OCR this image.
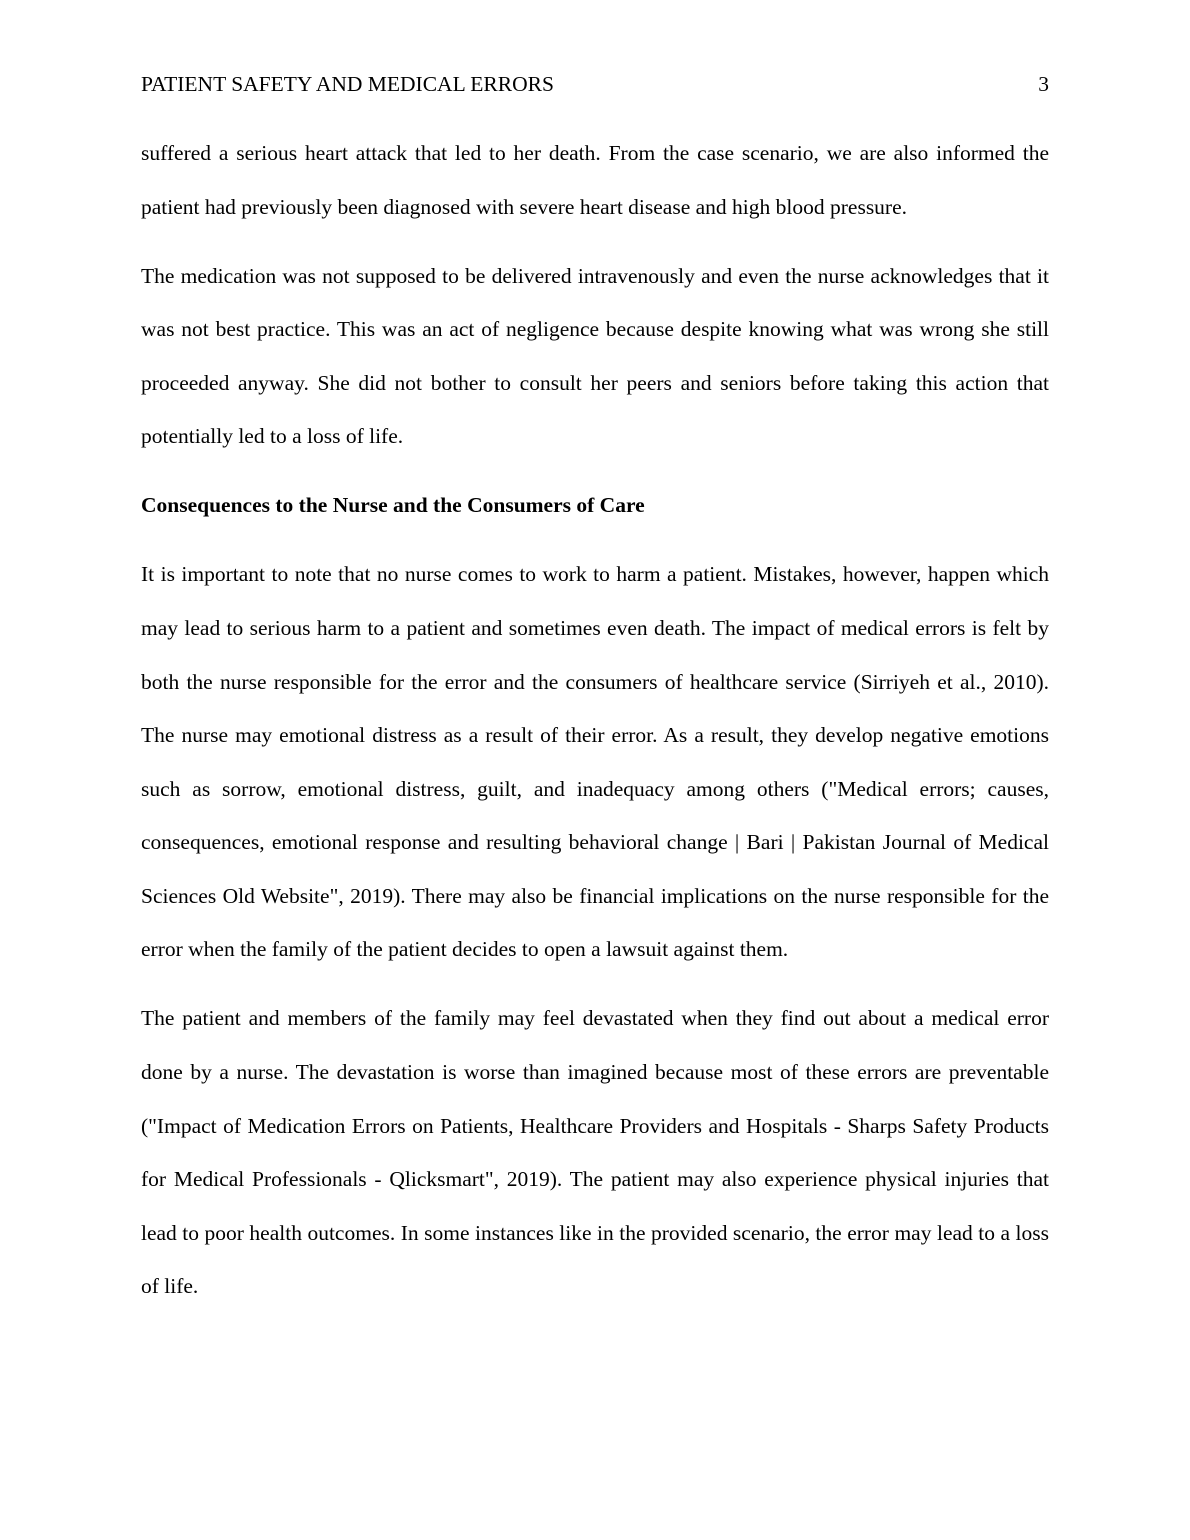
PATIENT SAFETY AND MEDICAL ERRORS	3

suffered a serious heart attack that led to her death. From the case scenario, we are also informed the patient had previously been diagnosed with severe heart disease and high blood pressure.

The medication was not supposed to be delivered intravenously and even the nurse acknowledges that it was not best practice. This was an act of negligence because despite knowing what was wrong she still proceeded anyway. She did not bother to consult her peers and seniors before taking this action that potentially led to a loss of life.

Consequences to the Nurse and the Consumers of Care

It is important to note that no nurse comes to work to harm a patient. Mistakes, however, happen which may lead to serious harm to a patient and sometimes even death. The impact of medical errors is felt by both the nurse responsible for the error and the consumers of healthcare service (Sirriyeh et al., 2010). The nurse may emotional distress as a result of their error. As a result, they develop negative emotions such as sorrow, emotional distress, guilt, and inadequacy among others ("Medical errors; causes, consequences, emotional response and resulting behavioral change | Bari | Pakistan Journal of Medical Sciences Old Website", 2019). There may also be financial implications on the nurse responsible for the error when the family of the patient decides to open a lawsuit against them.

The patient and members of the family may feel devastated when they find out about a medical error done by a nurse. The devastation is worse than imagined because most of these errors are preventable ("Impact of Medication Errors on Patients, Healthcare Providers and Hospitals - Sharps Safety Products for Medical Professionals - Qlicksmart", 2019). The patient may also experience physical injuries that lead to poor health outcomes. In some instances like in the provided scenario, the error may lead to a loss of life.
